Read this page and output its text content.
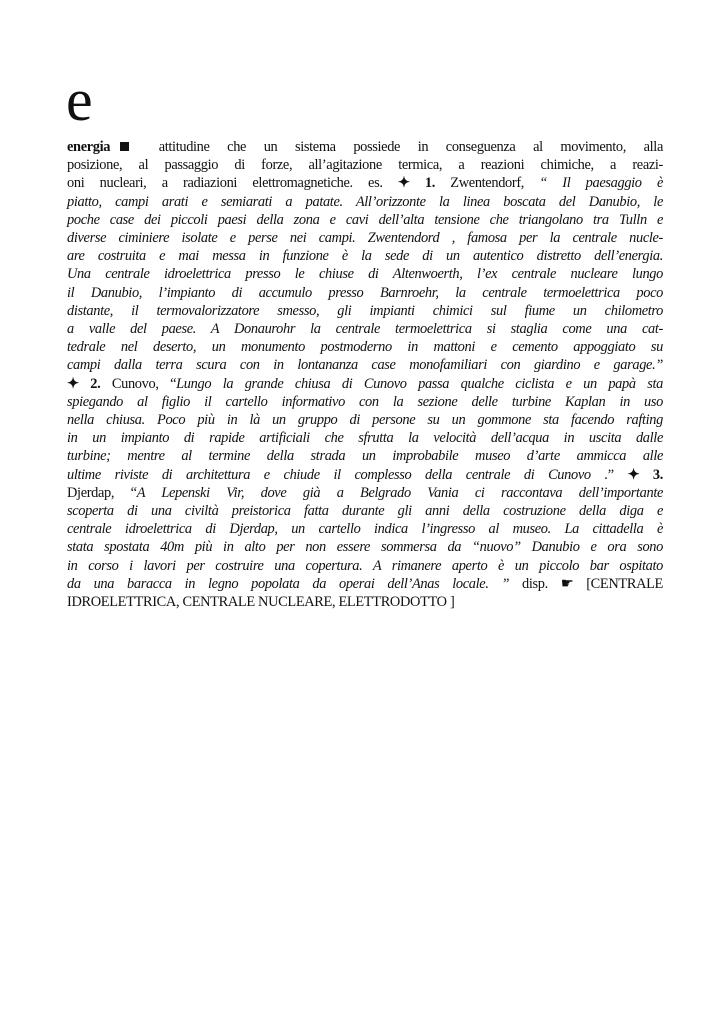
e
energia attitudine che un sistema possiede in conseguenza al movimento, alla
posizione, al passaggio di forze, all’agitazione termica, a reazioni chimiche, a reazi-
oni nucleari, a radiazioni elettromagnetiche. es. ✦ 1. Zwentendorf, “ Il paesaggio è
piatto, campi arati e semiarati a patate. All’orizzonte la linea boscata del Danubio, le
poche case dei piccoli paesi della zona e cavi dell’alta tensione che triangolano tra Tulln e
diverse ciminiere isolate e perse nei campi. Zwentendord , famosa per la centrale nucle-
are costruita e mai messa in funzione è la sede di un autentico distretto dell’energia.
Una centrale idroelettrica presso le chiuse di Altenwoerth, l’ex centrale nucleare lungo
il Danubio, l’impianto di accumulo presso Barnroehr, la centrale termoelettrica poco
distante, il termovalorizzatore smesso, gli impianti chimici sul fiume un chilometro
a valle del paese. A Donaurohr la centrale termoelettrica si staglia come una cat-
tedrale nel deserto, un monumento postmoderno in mattoni e cemento appoggiato su
campi dalla terra scura con in lontananza case monofamiliari con giardino e garage.”
✦ 2. Cunovo, “Lungo la grande chiusa di Cunovo passa qualche ciclista e un papà sta
spiegando al figlio il cartello informativo con la sezione delle turbine Kaplan in uso
nella chiusa. Poco più in là un gruppo di persone su un gommone sta facendo rafting
in un impianto di rapide artificiali che sfrutta la velocità dell’acqua in uscita dalle
turbine; mentre al termine della strada un improbabile museo d’arte ammicca alle
ultime riviste di architettura e chiude il complesso della centrale di Cunovo .” ✦ 3.
Djerdap, “A Lepenski Vir, dove già a Belgrado Vania ci raccontava dell’importante
scoperta di una civiltà preistorica fatta durante gli anni della costruzione della diga e
centrale idroelettrica di Djerdap, un cartello indica l’ingresso al museo. La cittadella è
stata spostata 40m più in alto per non essere sommersa da “nuovo” Danubio e ora sono
in corso i lavori per costruire una copertura. A rimanere aperto è un piccolo bar ospitato
da una baracca in legno popolata da operai dell’Anas locale. ” disp. ☛ [CENTRALE
IDROELETTRICA, CENTRALE NUCLEARE, ELETTRODOTTO ]
